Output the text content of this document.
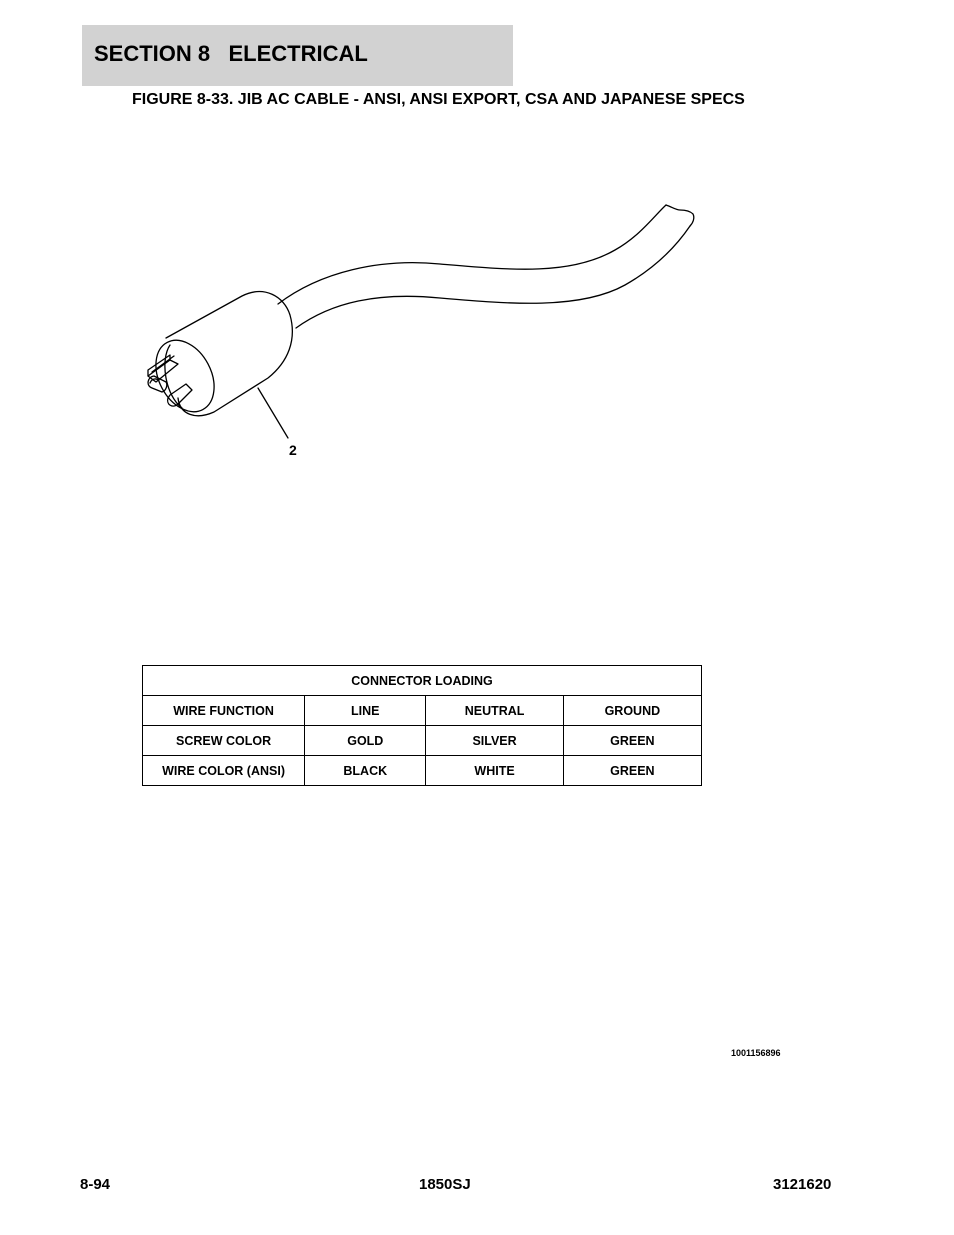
SECTION 8   ELECTRICAL
FIGURE 8-33. JIB AC CABLE - ANSI, ANSI EXPORT, CSA AND JAPANESE SPECS
2
CONNECTOR LOADING			
WIRE FUNCTION	LINE	NEUTRAL	GROUND
SCREW COLOR	GOLD	SILVER	GREEN
WIRE COLOR (ANSI)	BLACK	WHITE	GREEN
1001156896
8-94	1850SJ	3121620
